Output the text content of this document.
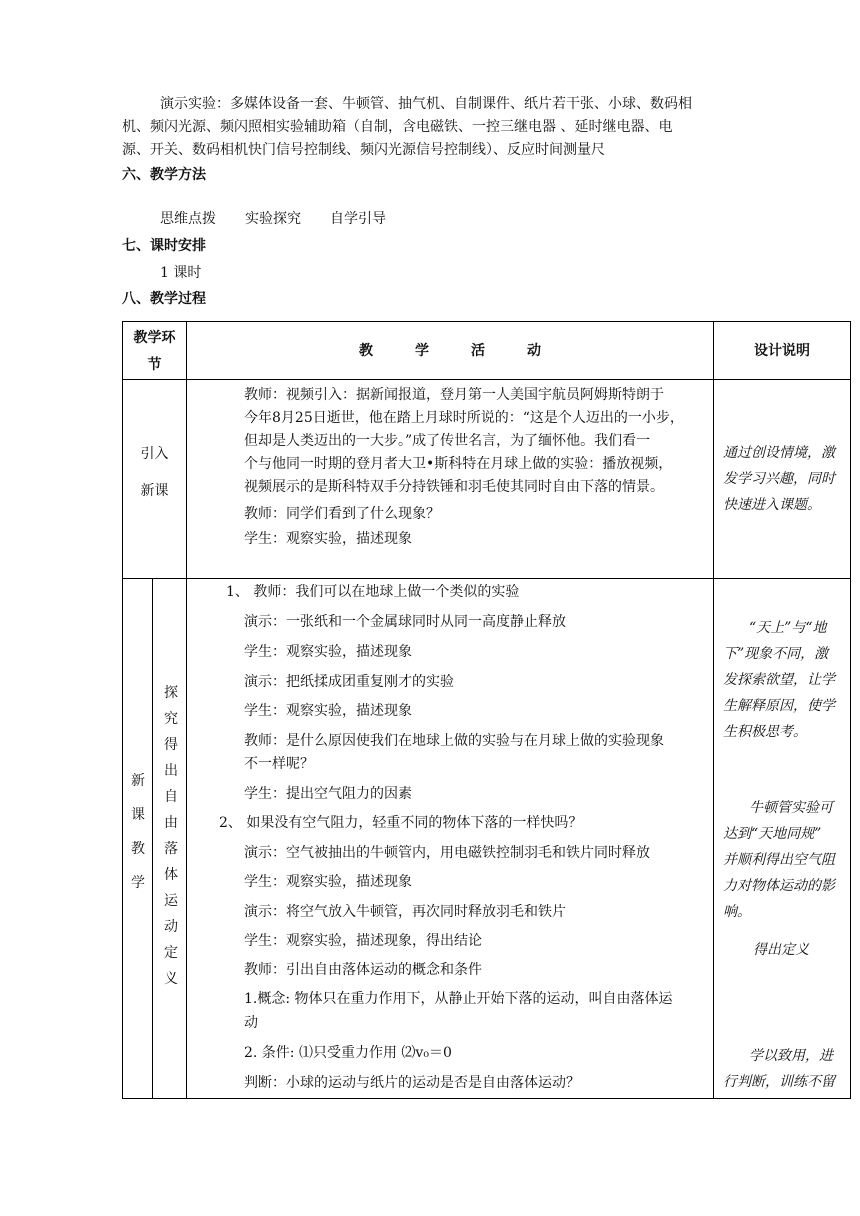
演示实验：多媒体设备一套、牛顿管、抽气机、自制课件、纸片若干张、小球、数码相
机、频闪光源、频闪照相实验辅助箱（自制，含电磁铁、一控三继电器 、延时继电器、电
源、开关、数码相机快门信号控制线、频闪光源信号控制线）、反应时间测量尺
六、教学方法
思维点拨 实验探究 自学引导
七、课时安排
1 课时
八、教学过程
教学环
节
教　　　学　　　活　　　动	设计说明
引入
新课
教师：视频引入：据新闻报道，登月第一人美国宇航员阿姆斯特朗于
今年8月25日逝世，他在踏上月球时所说的：“这是个人迈出的一小步，
但却是人类迈出的一大步。”成了传世名言，为了缅怀他。我们看一
个与他同一时期的登月者大卫•斯科特在月球上做的实验：播放视频，
视频展示的是斯科特双手分持铁锤和羽毛使其同时自由下落的情景。
教师：同学们看到了什么现象？
学生：观察实验，描述现象
通过创设情境，激
发学习兴趣，同时
快速进入课题。
新
课
教
学
探
究
得
出
自
由
落
体
运
动
定
义
1、 教师：我们可以在地球上做一个类似的实验
演示：一张纸和一个金属球同时从同一高度静止释放
学生：观察实验，描述现象
演示：把纸揉成团重复刚才的实验
学生：观察实验，描述现象
教师：是什么原因使我们在地球上做的实验与在月球上做的实验现象
不一样呢？
学生：提出空气阻力的因素
2、 如果没有空气阻力，轻重不同的物体下落的一样快吗？
演示：空气被抽出的牛顿管内，用电磁铁控制羽毛和铁片同时释放
学生：观察实验，描述现象
演示：将空气放入牛顿管，再次同时释放羽毛和铁片
学生：观察实验，描述现象，得出结论
教师：引出自由落体运动的概念和条件
1.概念: 物体只在重力作用下，从静止开始下落的运动，叫自由落体运
动
2. 条件: ⑴只受重力作用 ⑵v₀＝0
判断：小球的运动与纸片的运动是否是自由落体运动？
“天上”与“地
下”现象不同，激
发探索欲望，让学
生解释原因，使学
生积极思考。
牛顿管实验可
达到“天地同规”
并顺利得出空气阻
力对物体运动的影
响。
得出定义
学以致用，进
行判断，训练不留
